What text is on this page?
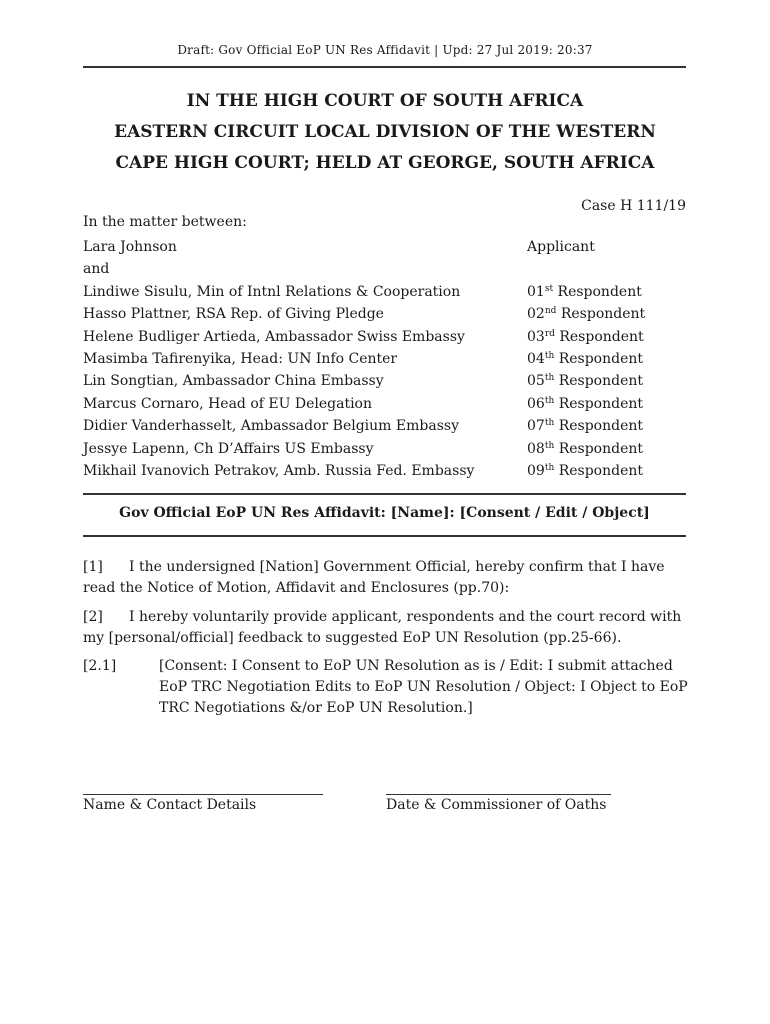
Draft: Gov Official EoP UN Res Affidavit | Upd: 27 Jul 2019: 20:37
IN THE HIGH COURT OF SOUTH AFRICA
EASTERN CIRCUIT LOCAL DIVISION OF THE WESTERN
CAPE HIGH COURT; HELD AT GEORGE, SOUTH AFRICA
Case H 111/19
In the matter between:
Lara Johnson	Applicant
and
Lindiwe Sisulu, Min of Intnl Relations & Cooperation	01st Respondent
Hasso Plattner, RSA Rep. of Giving Pledge	02nd Respondent
Helene Budliger Artieda, Ambassador Swiss Embassy	03rd Respondent
Masimba Tafirenyika, Head: UN Info Center	04th Respondent
Lin Songtian, Ambassador China Embassy	05th Respondent
Marcus Cornaro, Head of EU Delegation	06th Respondent
Didier Vanderhasselt, Ambassador Belgium Embassy	07th Respondent
Jessye Lapenn, Ch D’Affairs US Embassy	08th Respondent
Mikhail Ivanovich Petrakov, Amb. Russia Fed. Embassy	09th Respondent
Gov Official EoP UN Res Affidavit: [Name]: [Consent / Edit / Object]
[1] I the undersigned [Nation] Government Official, hereby confirm that I have read the Notice of Motion, Affidavit and Enclosures (pp.70):
[2] I hereby voluntarily provide applicant, respondents and the court record with my [personal/official] feedback to suggested EoP UN Resolution (pp.25-66).
[2.1]	[Consent: I Consent to EoP UN Resolution as is / Edit: I submit attached EoP TRC Negotiation Edits to EoP UN Resolution / Object: I Object to EoP TRC Negotiations &/or EoP UN Resolution.]
Name & Contact Details	Date & Commissioner of Oaths
